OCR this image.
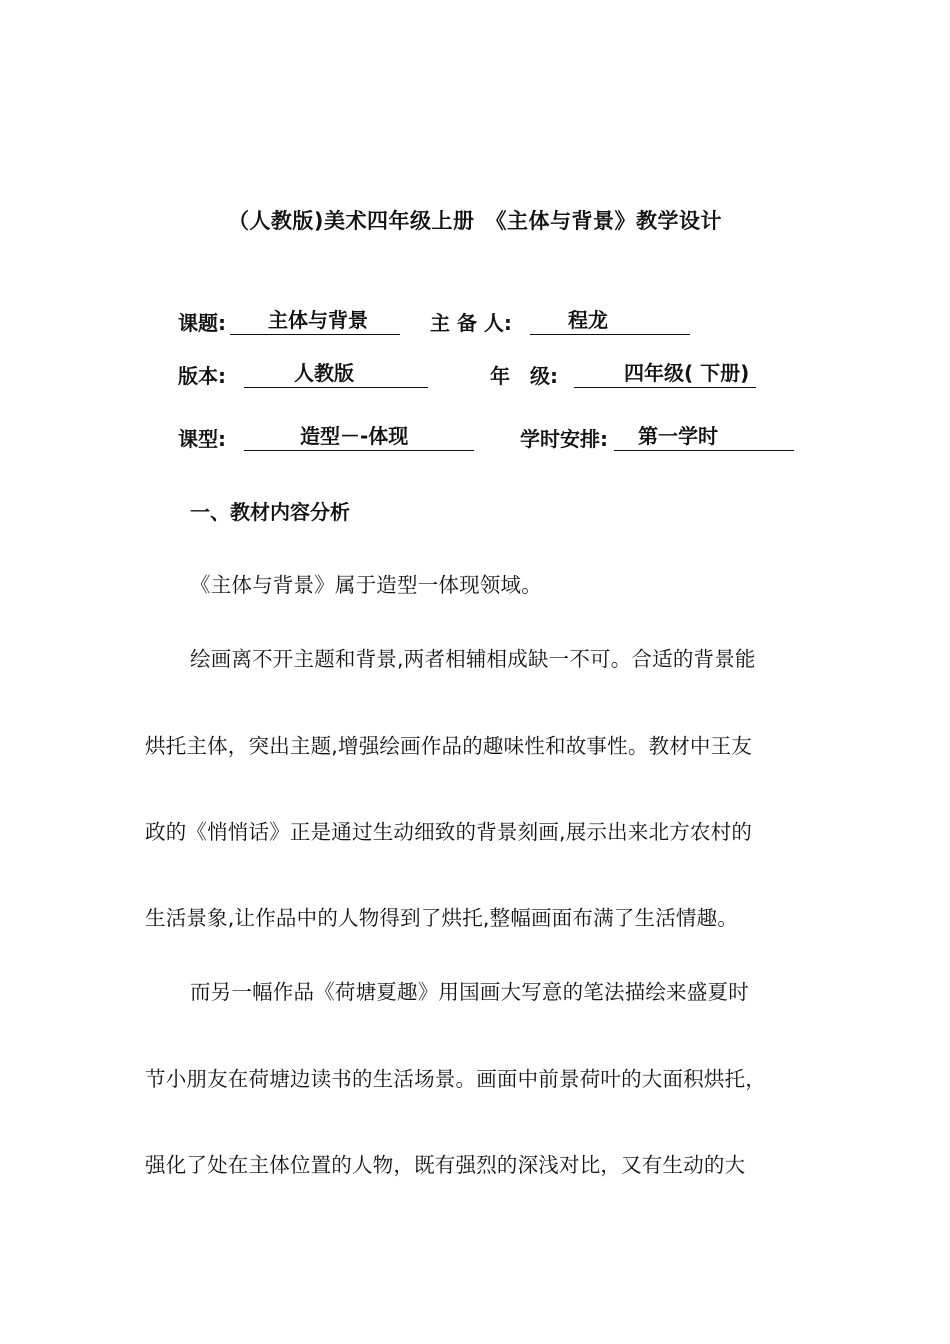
（人教版)美术四年级上册　《主体与背景》教学设计
课题: 主体与背景	主 备 人:	程龙
版本:	人教版	年　级:	四年级( 下册)
课型:	造型－-体现	学时安排: 第一学时
一、教材内容分析
《主体与背景》属于造型一体现领域。
绘画离不开主题和背景,两者相辅相成缺一不可。合适的背景能
烘托主体，突出主题,增强绘画作品的趣味性和故事性。教材中王友
政的《悄悄话》正是通过生动细致的背景刻画,展示出来北方农村的
生活景象,让作品中的人物得到了烘托,整幅画面布满了生活情趣。
而另一幅作品《荷塘夏趣》用国画大写意的笔法描绘来盛夏时
节小朋友在荷塘边读书的生活场景。画面中前景荷叶的大面积烘托，
强化了处在主体位置的人物，既有强烈的深浅对比，又有生动的大
